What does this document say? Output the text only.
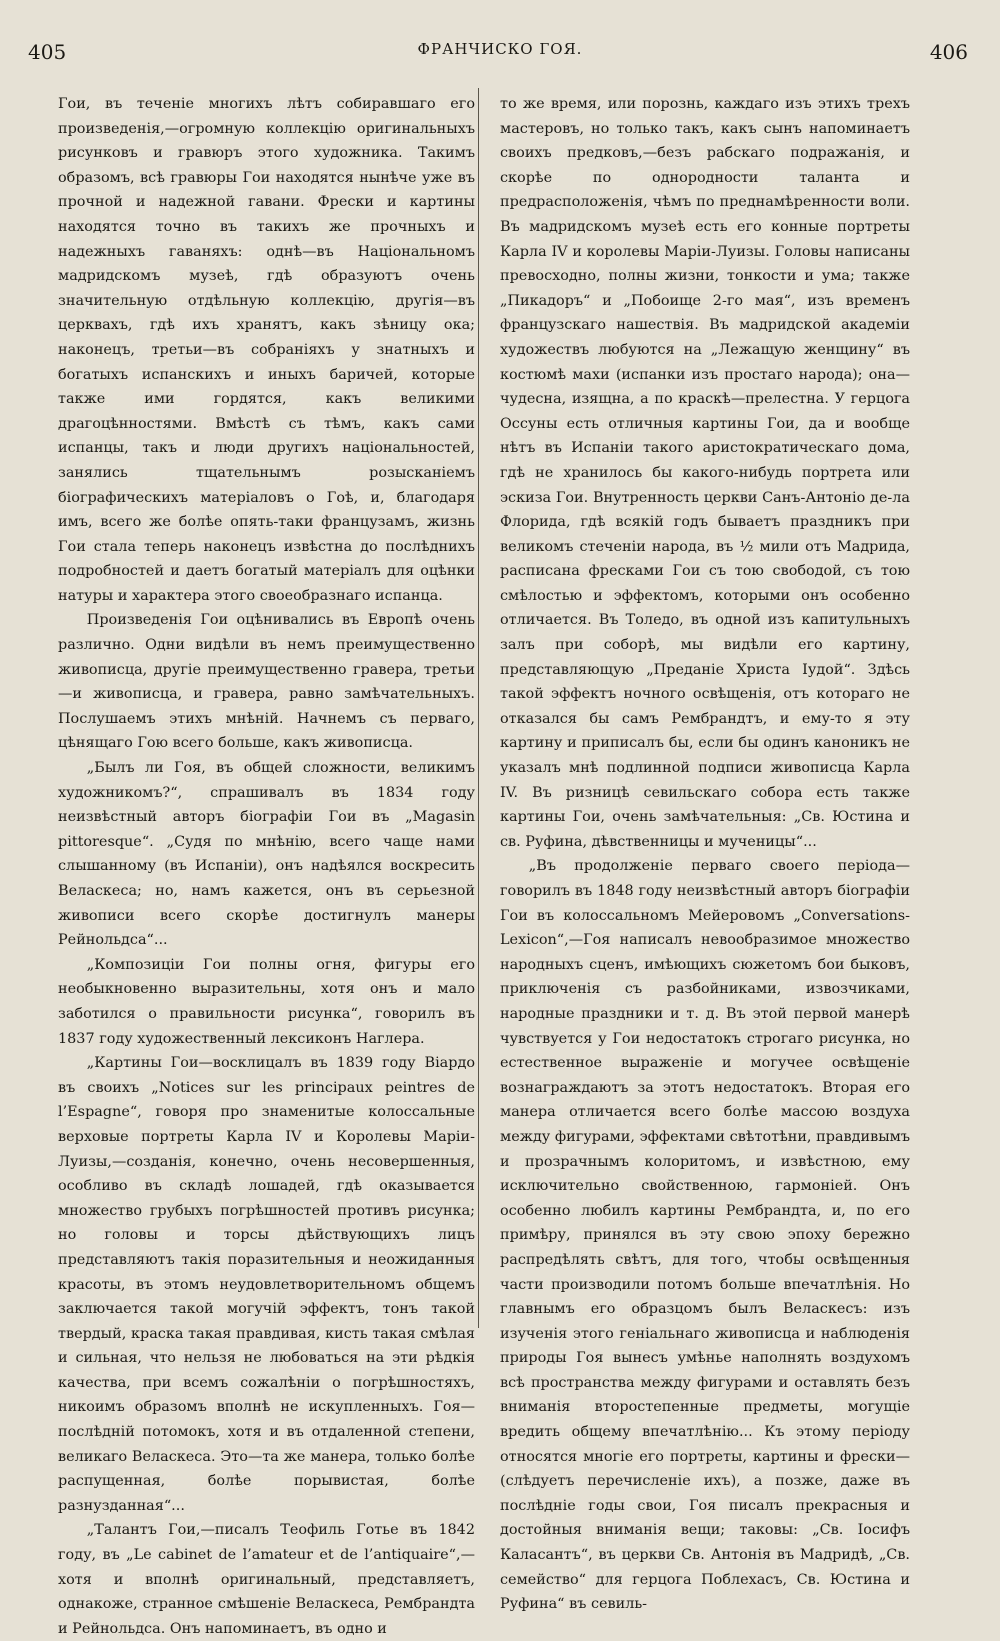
405	ФРАНЧИСКО ГОЯ.	406

Гои, въ теченіе многихъ лѣтъ собиравшаго его произведенія,—огромную коллекцію оригинальныхъ рисунковъ и гравюръ этого художника. Такимъ образомъ, всѣ гравюры Гои находятся нынѣче уже въ прочной и надежной гавани. Фрески и картины находятся точно въ такихъ же прочныхъ и надежныхъ гаваняхъ: однѣ—въ Національномъ мадридскомъ музеѣ, гдѣ образуютъ очень значительную отдѣльную коллекцію, другія—въ церквахъ, гдѣ ихъ хранятъ, какъ зѣницу ока; наконецъ, третьи—въ собраніяхъ у знатныхъ и богатыхъ испанскихъ и иныхъ баричей, которые также ими гордятся, какъ великими драгоцѣнностями. Вмѣстѣ съ тѣмъ, какъ сами испанцы, такъ и люди другихъ національностей, занялись тщательнымъ розысканіемъ біографическихъ матеріаловъ о Гоѣ, и, благодаря имъ, всего же болѣе опять-таки французамъ, жизнь Гои стала теперь наконецъ извѣстна до послѣднихъ подробностей и даетъ богатый матеріалъ для оцѣнки натуры и характера этого своеобразнаго испанца.

Произведенія Гои оцѣнивались въ Европѣ очень различно. Одни видѣли въ немъ преимущественно живописца, другіе преимущественно гравера, третьи—и живописца, и гравера, равно замѣчательныхъ. Послушаемъ этихъ мнѣній. Начнемъ съ перваго, цѣнящаго Гою всего больше, какъ живописца.

„Былъ ли Гоя, въ общей сложности, великимъ художникомъ?“, спрашивалъ въ 1834 году неизвѣстный авторъ біографіи Гои въ „Magasin pittoresque“. „Судя по мнѣнію, всего чаще нами слышанному (въ Испаніи), онъ надѣялся воскресить Веласкеса; но, намъ кажется, онъ въ серьезной живописи всего скорѣе достигнулъ манеры Рейнольдса“...

„Композиціи Гои полны огня, фигуры его необыкновенно выразительны, хотя онъ и мало заботился о правильности рисунка“, говорилъ въ 1837 году художественный лексиконъ Наглера.

„Картины Гои—восклицалъ въ 1839 году Віардо въ своихъ „Notices sur les principaux peintres de l’Espagne“, говоря про знаменитые колоссальные верховые портреты Карла IV и Королевы Маріи-Луизы,—созданія, конечно, очень несовершенныя, особливо въ складѣ лошадей, гдѣ оказывается множество грубыхъ погрѣшностей противъ рисунка; но головы и торсы дѣйствующихъ лицъ представляютъ такія поразительныя и неожиданныя красоты, въ этомъ неудовлетворительномъ общемъ заключается такой могучій эффектъ, тонъ такой твердый, краска такая правдивая, кисть такая смѣлая и сильная, что нельзя не любоваться на эти рѣдкія качества, при всемъ сожалѣніи о погрѣшностяхъ, никоимъ образомъ вполнѣ не искупленныхъ. Гоя—послѣдній потомокъ, хотя и въ отдаленной степени, великаго Веласкеса. Это—та же манера, только болѣе распущенная, болѣе порывистая, болѣе разнузданная“...

„Талантъ Гои,—писалъ Теофиль Готье въ 1842 году, въ „Le cabinet de l’amateur et de l’antiquaire“,—хотя и вполнѣ оригинальный, представляетъ, однакоже, странное смѣшеніе Веласкеса, Рембрандта и Рейнольдса. Онъ напоминаетъ, въ одно и

то же время, или порознь, каждаго изъ этихъ трехъ мастеровъ, но только такъ, какъ сынъ напоминаетъ своихъ предковъ,—безъ рабскаго подражанія, и скорѣе по однородности таланта и предрасположенія, чѣмъ по преднамѣренности воли. Въ мадридскомъ музеѣ есть его конные портреты Карла IV и королевы Маріи-Луизы. Головы написаны превосходно, полны жизни, тонкости и ума; также „Пикадоръ“ и „Побоище 2-го мая“, изъ временъ французскаго нашествія. Въ мадридской академіи художествъ любуются на „Лежащую женщину“ въ костюмѣ махи (испанки изъ простаго народа); она—чудесна, изящна, а по краскѣ—прелестна. У герцога Оссуны есть отличныя картины Гои, да и вообще нѣтъ въ Испаніи такого аристократическаго дома, гдѣ не хранилось бы какого-нибудь портрета или эскиза Гои. Внутренность церкви Санъ-Антоніо де-ла Флорида, гдѣ всякій годъ бываетъ праздникъ при великомъ стеченіи народа, въ ½ мили отъ Мадрида, расписана фресками Гои съ тою свободой, съ тою смѣлостью и эффектомъ, которыми онъ особенно отличается. Въ Толедо, въ одной изъ капитульныхъ залъ при соборѣ, мы видѣли его картину, представляющую „Преданіе Христа Іудой“. Здѣсь такой эффектъ ночного освѣщенія, отъ котораго не отказался бы самъ Рембрандтъ, и ему-то я эту картину и приписалъ бы, если бы одинъ каноникъ не указалъ мнѣ подлинной подписи живописца Карла IV. Въ ризницѣ севильскаго собора есть также картины Гои, очень замѣчательныя: „Св. Юстина и св. Руфина, дѣвственницы и мученицы“...

„Въ продолженіе перваго своего періода—говорилъ въ 1848 году неизвѣстный авторъ біографіи Гои въ колоссальномъ Мейеровомъ „Conversations-Lexicon“,—Гоя написалъ невообразимое множество народныхъ сценъ, имѣющихъ сюжетомъ бои быковъ, приключенія съ разбойниками, извозчиками, народные праздники и т. д. Въ этой первой манерѣ чувствуется у Гои недостатокъ строгаго рисунка, но естественное выраженіе и могучее освѣщеніе вознаграждаютъ за этотъ недостатокъ. Вторая его манера отличается всего болѣе массою воздуха между фигурами, эффектами свѣтотѣни, правдивымъ и прозрачнымъ колоритомъ, и извѣстною, ему исключительно свойственною, гармоніей. Онъ особенно любилъ картины Рембрандта, и, по его примѣру, принялся въ эту свою эпоху бережно распредѣлять свѣтъ, для того, чтобы освѣщенныя части производили потомъ больше впечатлѣнія. Но главнымъ его образцомъ былъ Веласкесъ: изъ изученія этого геніальнаго живописца и наблюденія природы Гоя вынесъ умѣнье наполнять воздухомъ всѣ пространства между фигурами и оставлять безъ вниманія второстепенные предметы, могущіе вредить общему впечатлѣнію... Къ этому періоду относятся многіе его портреты, картины и фрески—(слѣдуетъ перечисленіе ихъ), а позже, даже въ послѣдніе годы свои, Гоя писалъ прекрасныя и достойныя вниманія вещи; таковы: „Св. Іосифъ Каласантъ“, въ церкви Св. Антонія въ Мадридѣ, „Св. семейство“ для герцога Поблехасъ, Св. Юстина и Руфина“ въ севиль-
